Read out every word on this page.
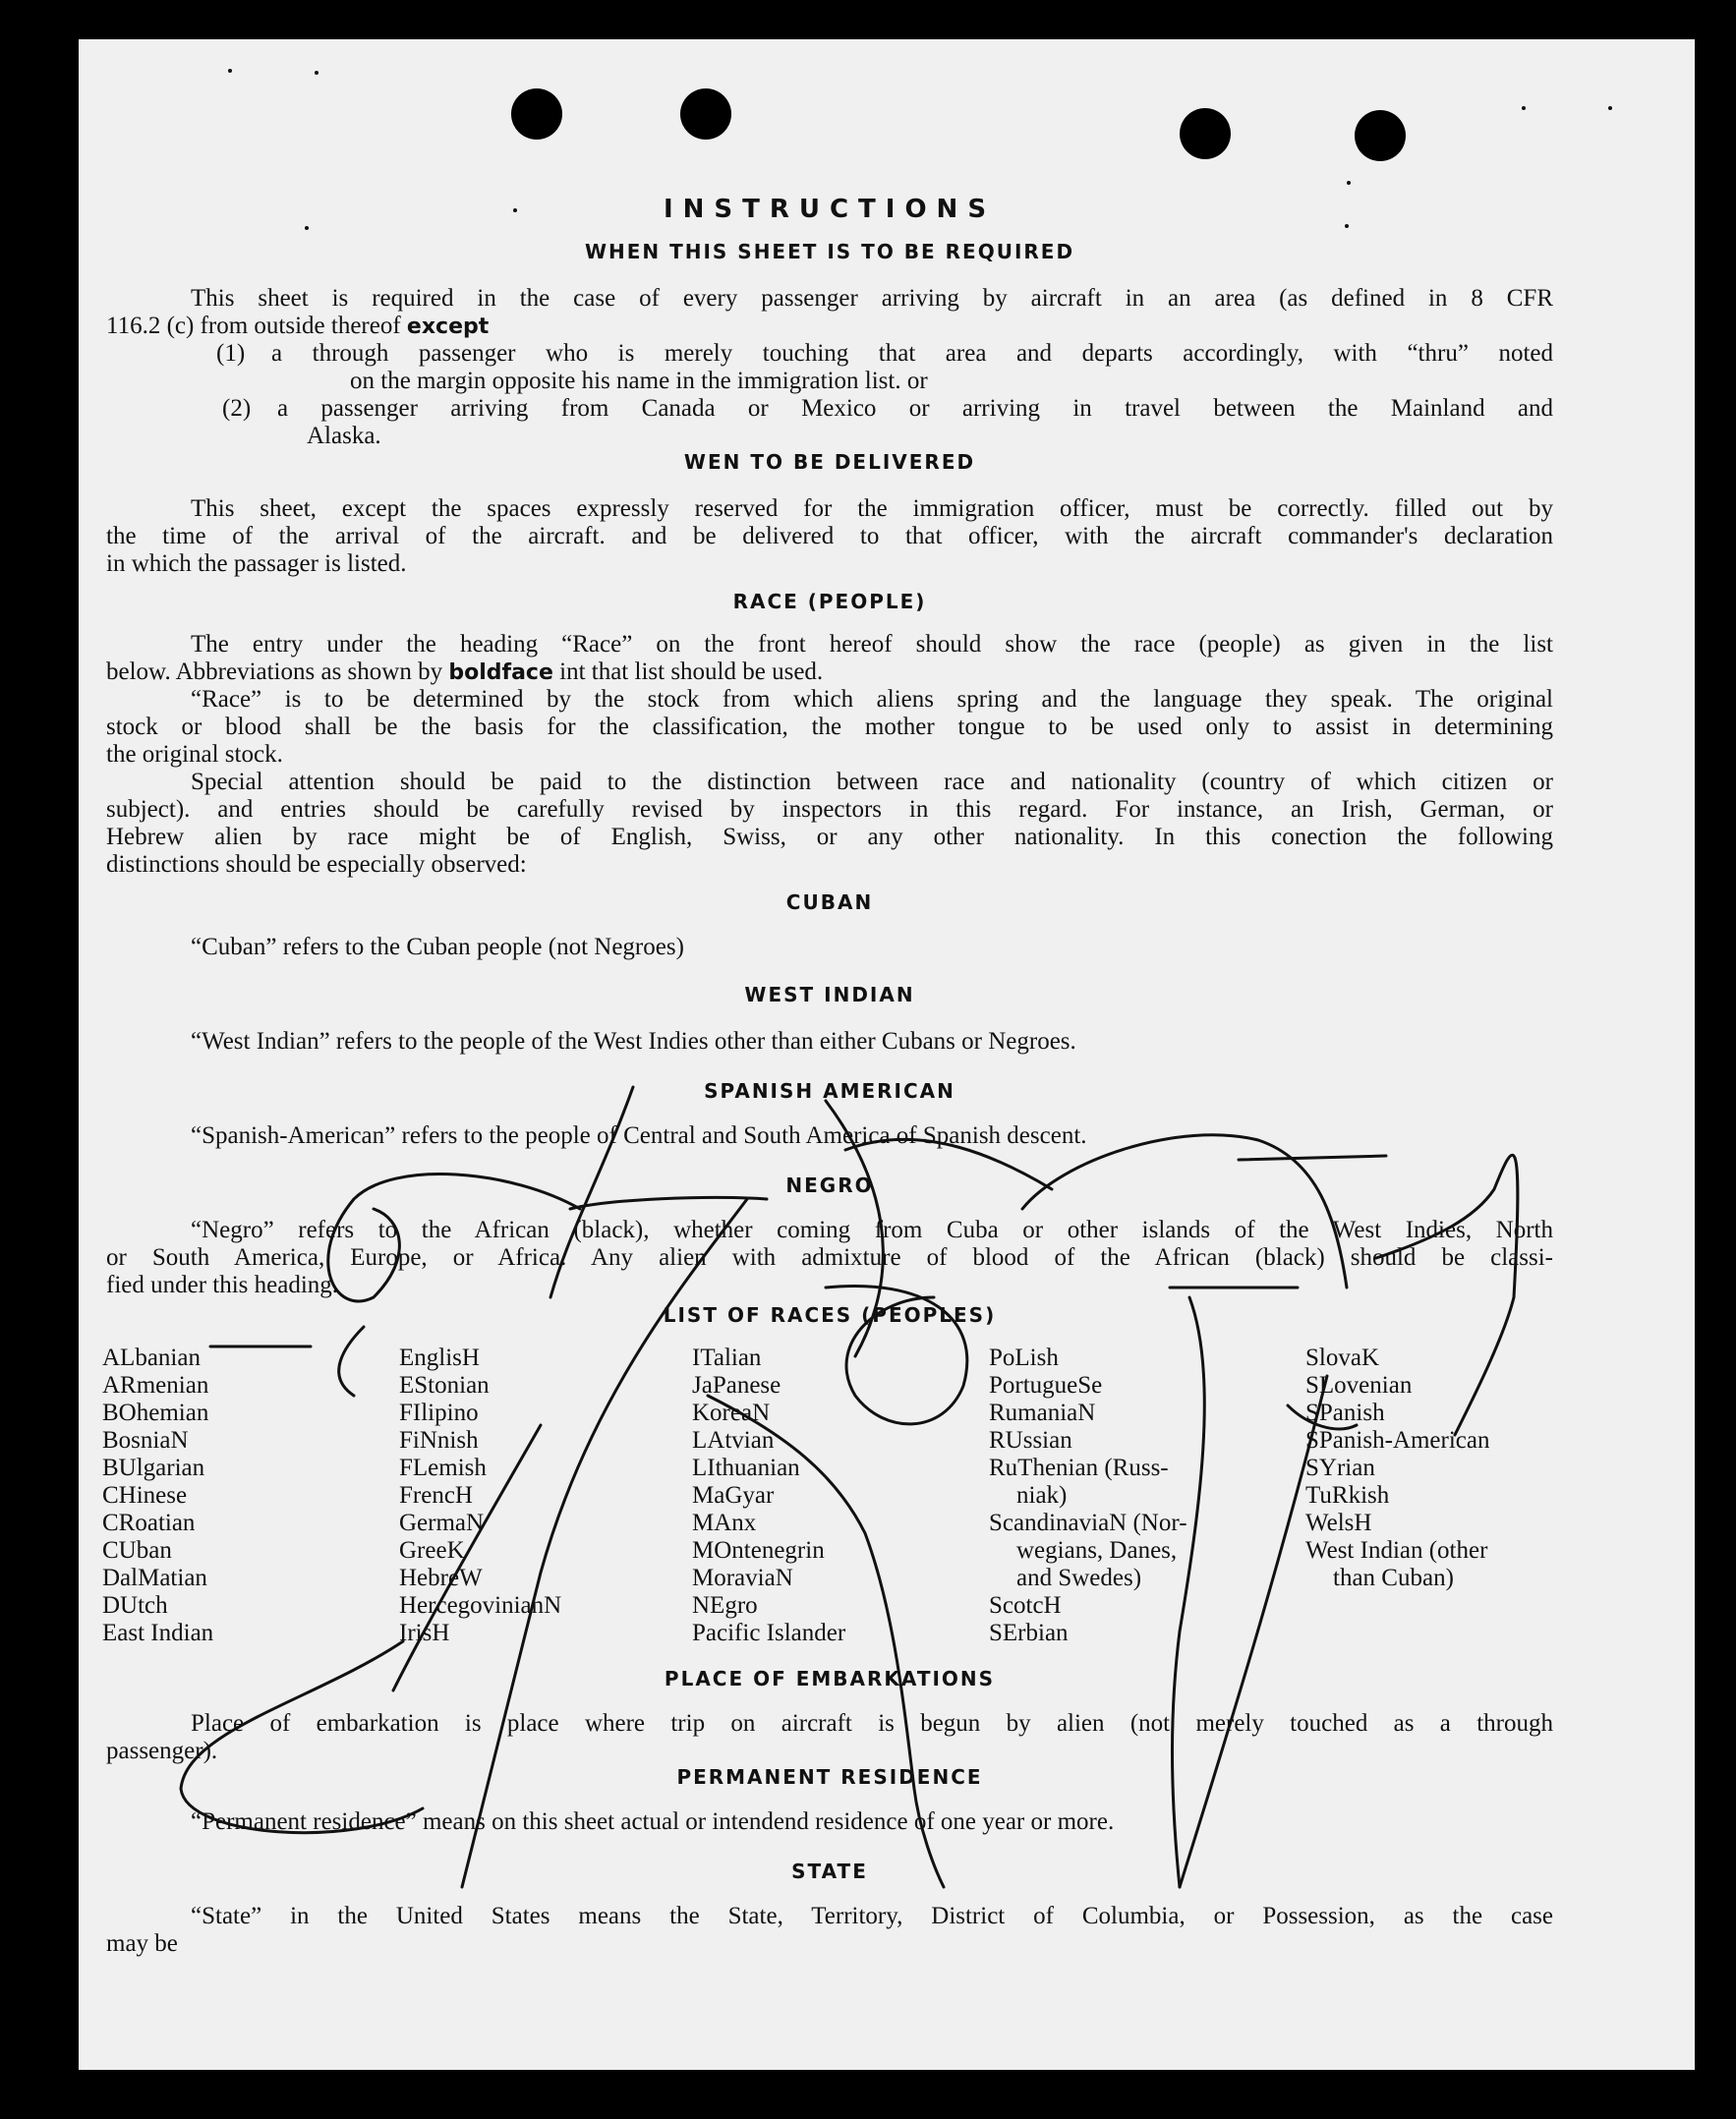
INSTRUCTIONS
WHEN THIS SHEET IS TO BE REQUIRED
This sheet is required in the case of every passenger arriving by aircraft in an area (as defined in 8 CFR
116.2 (c) from outside thereof except
(1) a through passenger who is merely touching that area and departs accordingly, with “thru” noted
on the margin opposite his name in the immigration list. or
(2) a passenger arriving from Canada or Mexico or arriving in travel between the Mainland and
Alaska.
WEN TO BE DELIVERED
This sheet, except the spaces expressly reserved for the immigration officer, must be correctly. filled out by
the time of the arrival of the aircraft. and be delivered to that officer, with the aircraft commander's declaration
in which the passager is listed.
RACE (PEOPLE)
The entry under the heading “Race” on the front hereof should show the race (people) as given in the list
below. Abbreviations as shown by boldface int that list should be used.
“Race” is to be determined by the stock from which aliens spring and the language they speak. The original
stock or blood shall be the basis for the classification, the mother tongue to be used only to assist in determining
the original stock.
Special attention should be paid to the distinction between race and nationality (country of which citizen or
subject). and entries should be carefully revised by inspectors in this regard. For instance, an Irish, German, or
Hebrew alien by race might be of English, Swiss, or any other nationality. In this conection the following
distinctions should be especially observed:
CUBAN
“Cuban” refers to the Cuban people (not Negroes)
WEST INDIAN
“West Indian” refers to the people of the West Indies other than either Cubans or Negroes.
SPANISH AMERICAN
“Spanish-American” refers to the people of Central and South America of Spanish descent.
NEGRO
“Negro” refers to the African (black), whether coming from Cuba or other islands of the West Indies, North
or South America, Europe, or Africa. Any alien with admixture of blood of the African (black) should be classi-
fied under this heading.
LIST OF RACES (PEOPLES)
ALbanian
ARmenian
BOhemian
BosniaN
BUlgarian
CHinese
CRoatian
CUban
DalMatian
DUtch
East Indian
EnglisH
EStonian
FIlipino
FiNnish
FLemish
FrencH
GermaN
GreeK
HebreW
HercegovinianN
IrisH
ITalian
JaPanese
KoreaN
LAtvian
LIthuanian
MaGyar
MAnx
MOntenegrin
MoraviaN
NEgro
Pacific Islander
PoLish
PortugueSe
RumaniaN
RUssian
RuThenian (Russ-
niak)
ScandinaviaN (Nor-
wegians, Danes,
and Swedes)
ScotcH
SErbian
SlovaK
SLovenian
SPanish
SPanish-American
SYrian
TuRkish
WelsH
West Indian (other
than Cuban)
PLACE OF EMBARKATIONS
Place of embarkation is place where trip on aircraft is begun by alien (not merely touched as a through
passenger).
PERMANENT RESIDENCE
“Permanent residence” means on this sheet actual or intendend residence of one year or more.
STATE
“State” in the United States means the State, Territory, District of Columbia, or Possession, as the case
may be
